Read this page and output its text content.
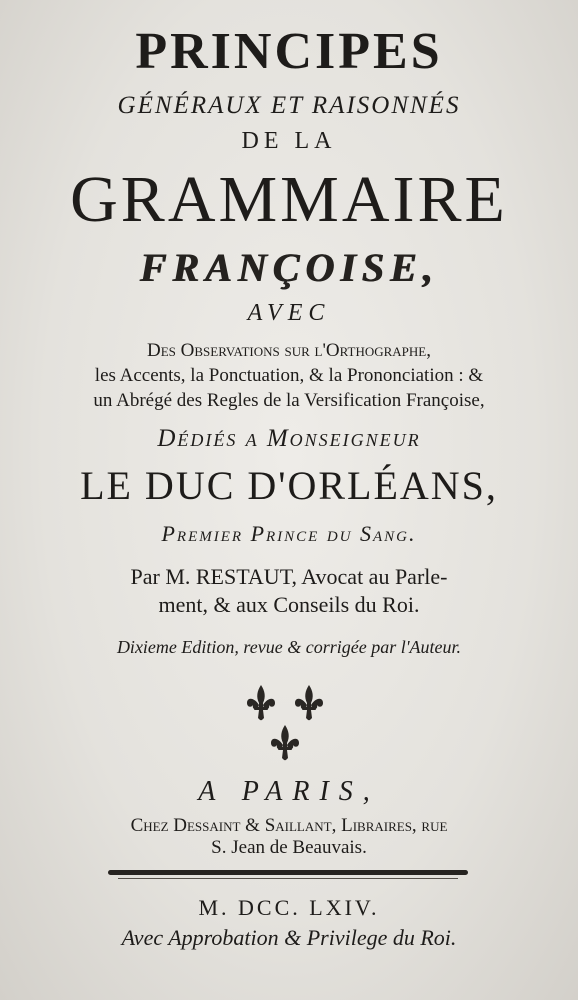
PRINCIPES
GÉNÉRAUX ET RAISONNÉS
DE LA
GRAMMAIRE
FRANÇOISE,
AVEC
Des Observations sur l'Orthographe,
les Accents, la Ponctuation, & la Prononciation : &
un Abrégé des Regles de la Versification Françoise,
Dédiés a Monseigneur
LE DUC D'ORLÉANS,
Premier Prince du Sang.
Par M. RESTAUT, Avocat au Parle-
ment, & aux Conseils du Roi.
Dixieme Edition, revue & corrigée par l'Auteur.
A PARIS,
Chez Dessaint & Saillant, Libraires, rue
S. Jean de Beauvais.
M. DCC. LXIV.
Avec Approbation & Privilege du Roi.
